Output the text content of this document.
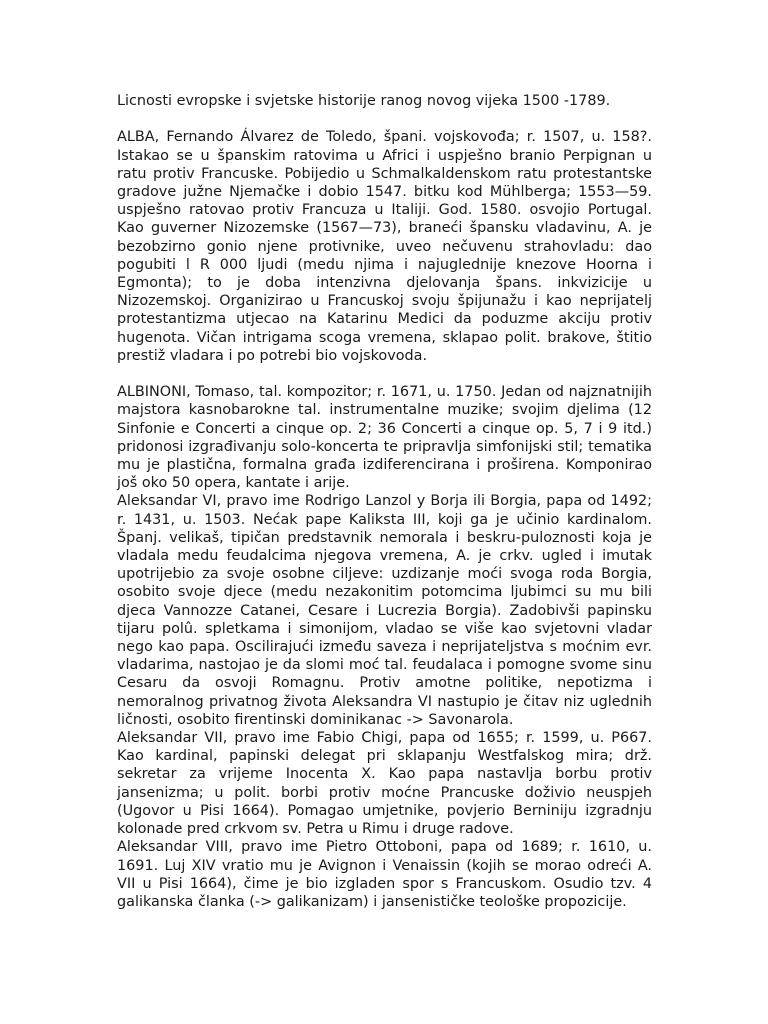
Licnosti evropske i svjetske historije ranog novog vijeka 1500 -1789.

ALBA, Fernando Álvarez de Toledo, špani. vojskovođa; r. 1507, u. 158?. Istakao se u španskim ratovima u Africi i uspješno branio Perpignan u ratu protiv Francuske. Pobijedio u Schmalkaldenskom ratu protestantske gradove južne Njemačke i dobio 1547. bitku kod Mühlberga; 1553—59. uspješno ratovao protiv Francuza u Italiji. God. 1580. osvojio Portugal. Kao guverner Nizozemske (1567—73), braneći špansku vladavinu, A. je bezobzirno gonio njene protivnike, uveo nečuvenu strahovladu: dao pogubiti l R 000 ljudi (medu njima i najuglednije knezove Hoorna i Egmonta); to je doba intenzivna djelovanja špans. inkvizicije u Nizozemskoj. Organizirao u Francuskoj svoju špijunažu i kao neprijatelj protestantizma utjecao na Katarinu Medici da poduzme akciju protiv hugenota. Vičan intrigama scoga vremena, sklapao polit. brakove, štitio prestiž vladara i po potrebi bio vojskovoda.

ALBINONI, Tomaso, tal. kompozitor; r. 1671, u. 1750. Jedan od najznatnijih majstora kasnobarokne tal. instrumentalne muzike; svojim djelima (12 Sinfonie e Concerti a cinque op. 2; 36 Concerti a cinque op. 5, 7 i 9 itd.) pridonosi izgrađivanju solo-koncerta te pripravlja simfonijski stil; tematika mu je plastična, formalna građa izdiferencirana i proširena. Komponirao još oko 50 opera, kantate i arije.

Aleksandar VI, pravo ime Rodrigo Lanzol y Borja ili Borgia, papa od 1492; r. 1431, u. 1503. Nećak pape Kaliksta III, koji ga je učinio kardinalom. Španj. velikaš, tipičan predstavnik nemorala i beskru-puloznosti koja je vladala medu feudalcima njegova vremena, A. je crkv. ugled i imutak upotrijebio za svoje osobne ciljeve: uzdizanje moći svoga roda Borgia, osobito svoje djece (medu nezakonitim potomcima ljubimci su mu bili djeca Vannozze Catanei, Cesare i Lucrezia Borgia). Zadobivši papinsku tijaru polû. spletkama i simonijom, vladao se više kao svjetovni vladar nego kao papa. Oscilirajući između saveza i neprijateljstva s moćnim evr. vladarima, nastojao je da slomi moć tal. feudalaca i pomogne svome sinu Cesaru da osvoji Romagnu. Protiv amotne politike, nepotizma i nemoralnog privatnog života Aleksandra VI nastupio je čitav niz uglednih ličnosti, osobito firentinski dominikanac -> Savonarola.

Aleksandar VII, pravo ime Fabio Chigi, papa od 1655; r. 1599, u. P667. Kao kardinal, papinski delegat pri sklapanju Westfalskog mira; drž. sekretar za vrijeme Inocenta X. Kao papa nastavlja borbu protiv jansenizma; u polit. borbi protiv moćne Prancuske doživio neuspjeh (Ugovor u Pisi 1664). Pomagao umjetnike, povjerio Berniniju izgradnju kolonade pred crkvom sv. Petra u Rimu i druge radove.

Aleksandar VIII, pravo ime Pietro Ottoboni, papa od 1689; r. 1610, u. 1691. Luj XIV vratio mu je Avignon i Venaissin (kojih se morao odreći A. VII u Pisi 1664), čime je bio izgladen spor s Francuskom. Osudio tzv. 4 galikanska članka (-> galikanizam) i jansenističke teološke propozicije.
